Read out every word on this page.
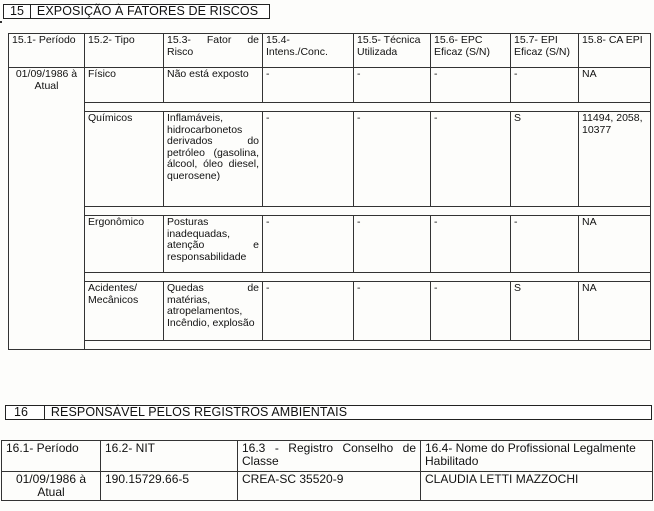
15	EXPOSIÇÃO À FATORES DE RISCOS
15.1- Período	15.2- Tipo	15.3- Fator de Risco	15.4- Intens./Conc.	15.5- Técnica Utilizada	15.6- EPC Eficaz (S/N)	15.7- EPI Eficaz (S/N)	15.8- CA EPI
01/09/1986 à Atual	Físico	Não está exposto	-	-	-	-	NA

	Químicos	Inflamáveis, hidrocarbonetos derivados do petróleo (gasolina, álcool, óleo diesel, querosene)	-	-	-	S	11494, 2058, 10377

	Ergonômico	Posturas inadequadas, atenção e responsabilidade	-	-	-	-	NA

	Acidentes/ Mecânicos	Quedas de matérias, atropelamentos, Incêndio, explosão	-	-	-	S	NA

16	RESPONSÁVEL PELOS REGISTROS AMBIENTAIS
16.1- Período	16.2- NIT	16.3 - Registro Conselho de Classe	16.4- Nome do Profissional Legalmente Habilitado
01/09/1986 à Atual	190.15729.66-5	CREA-SC 35520-9	CLAUDIA LETTI MAZZOCHI
